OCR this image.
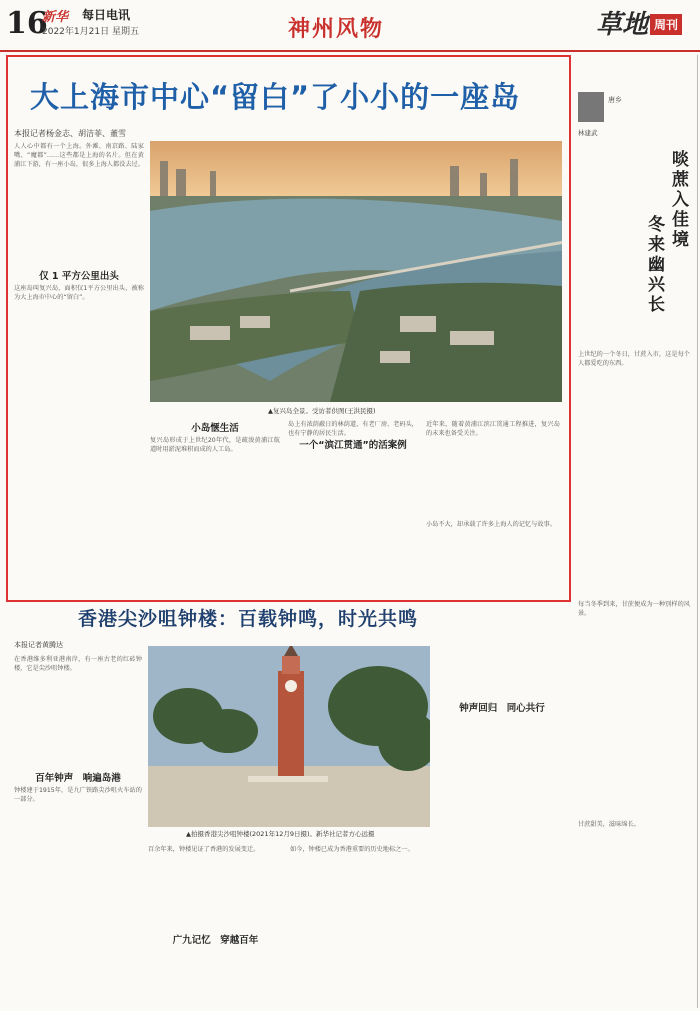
16
新华 每日电讯
2022年1月21日 星期五	神州风物	草地 周刊
大上海市中心“留白”了小小的一座岛
本报记者杨金志、胡洁菲、董雪
人人心中都有一个上海。外滩、南京路、陆家嘴、“魔都”……这些都是上海的名片。但在黄浦江下游，有一座小岛，很多上海人都没去过。
仅 1 平方公里出头
这座岛叫复兴岛，面积仅1平方公里出头，被称为大上海市中心的“留白”。
▲复兴岛全景。受访者供图(王洪民摄)
小岛惬生活
复兴岛形成于上世纪20年代，是疏浚黄浦江航道时用淤泥堆积而成的人工岛。
岛上有浓荫蔽日的林荫道，有老厂房、老码头，也有宁静的居民生活。
一个“滨江贯通”的活案例
近年来，随着黄浦江滨江贯通工程推进，复兴岛的未来也备受关注。
小岛不大，却承载了许多上海人的记忆与故事。
香港尖沙咀钟楼：百载钟鸣，时光共鸣
本报记者黄腾达
在香港维多利亚港南岸，有一座古老的红砖钟楼，它是尖沙咀钟楼。
百年钟声　响遍岛港
钟楼建于1915年，是九广铁路尖沙咀火车站的一部分。
▲拍摄香港尖沙咀钟楼(2021年12月9日摄)。新华社记者方心远摄
百余年来，钟楼见证了香港的发展变迁。
广九记忆　穿越百年
如今，钟楼已成为香港重要的历史地标之一。
钟声回归　同心共行
唐乡
林建武
啖蔗入佳境
冬来幽兴长
上世纪的一个冬日，甘蔗入市，这是每个人都爱吃的东西。
每当冬季到来，甘蔗便成为一种别样的风景。
甘蔗甜美，滋味绵长。
